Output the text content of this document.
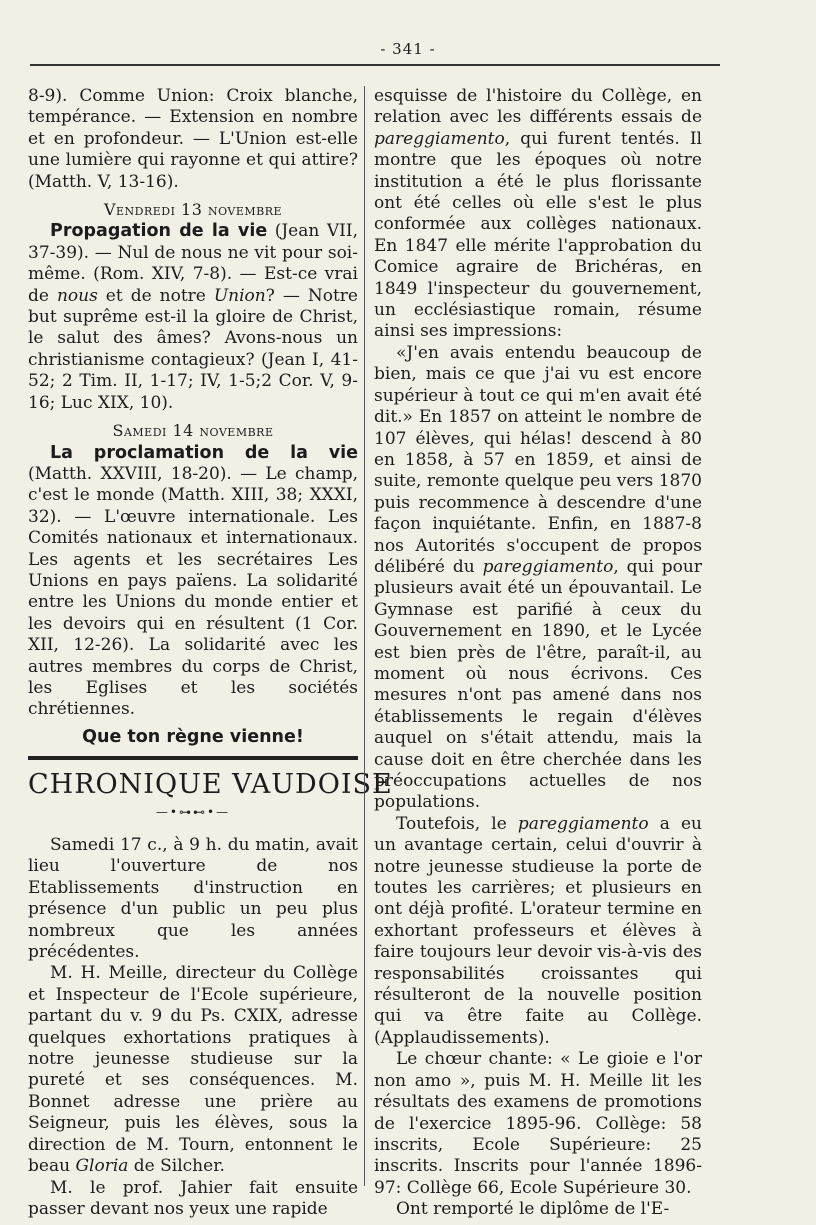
- 341 -

8-9). Comme Union: Croix blanche, tempérance. — Extension en nombre et en profondeur. — L'Union est-elle une lumière qui rayonne et qui attire? (Matth. V, 13-16).

Vendredi 13 novembre

Propagation de la vie (Jean VII, 37-39). — Nul de nous ne vit pour soi-même. (Rom. XIV, 7-8). — Est-ce vrai de nous et de notre Union? — Notre but suprême est-il la gloire de Christ, le salut des âmes? Avons-nous un christianisme contagieux? (Jean I, 41-52; 2 Tim. II, 1-17; IV, 1-5;2 Cor. V, 9-16; Luc XIX, 10).

Samedi 14 novembre

La proclamation de la vie (Matth. XXVIII, 18-20). — Le champ, c'est le monde (Matth. XIII, 38; XXXI, 32). — L'œuvre internationale. Les Comités nationaux et internationaux. Les agents et les secrétaires Les Unions en pays païens. La solidarité entre les Unions du monde entier et les devoirs qui en résultent (1 Cor. XII, 12-26). La solidarité avec les autres membres du corps de Christ, les Eglises et les sociétés chrétiennes.

Que ton règne vienne!

CHRONIQUE VAUDOISE

—•⊶⊷•—

Samedi 17 c., à 9 h. du matin, avait lieu l'ouverture de nos Etablissements d'instruction en présence d'un public un peu plus nombreux que les années précédentes.

M. H. Meille, directeur du Collège et Inspecteur de l'Ecole supérieure, partant du v. 9 du Ps. CXIX, adresse quelques exhortations pratiques à notre jeunesse studieuse sur la pureté et ses conséquences. M. Bonnet adresse une prière au Seigneur, puis les élèves, sous la direction de M. Tourn, entonnent le beau Gloria de Silcher.

M. le prof. Jahier fait ensuite passer devant nos yeux une rapide

esquisse de l'histoire du Collège, en relation avec les différents essais de pareggiamento, qui furent tentés. Il montre que les époques où notre institution a été le plus florissante ont été celles où elle s'est le plus conformée aux collèges nationaux. En 1847 elle mérite l'approbation du Comice agraire de Brichéras, en 1849 l'inspecteur du gouvernement, un ecclésiastique romain, résume ainsi ses impressions:

«J'en avais entendu beaucoup de bien, mais ce que j'ai vu est encore supérieur à tout ce qui m'en avait été dit.» En 1857 on atteint le nombre de 107 élèves, qui hélas! descend à 80 en 1858, à 57 en 1859, et ainsi de suite, remonte quelque peu vers 1870 puis recommence à descendre d'une façon inquiétante. Enfin, en 1887-8 nos Autorités s'occupent de propos délibéré du pareggiamento, qui pour plusieurs avait été un épouvantail. Le Gymnase est parifié à ceux du Gouvernement en 1890, et le Lycée est bien près de l'être, paraît-il, au moment où nous écrivons. Ces mesures n'ont pas amené dans nos établissements le regain d'élèves auquel on s'était attendu, mais la cause doit en être cherchée dans les préoccupations actuelles de nos populations.

Toutefois, le pareggiamento a eu un avantage certain, celui d'ouvrir à notre jeunesse studieuse la porte de toutes les carrières; et plusieurs en ont déjà profité. L'orateur termine en exhortant professeurs et élèves à faire toujours leur devoir vis-à-vis des responsabilités croissantes qui résulteront de la nouvelle position qui va être faite au Collège. (Applaudissements).

Le chœur chante: « Le gioie e l'or non amo », puis M. H. Meille lit les résultats des examens de promotions de l'exercice 1895-96. Collège: 58 inscrits, Ecole Supérieure: 25 inscrits. Inscrits pour l'année 1896-97: Collège 66, Ecole Supérieure 30.

Ont remporté le diplôme de l'E-
